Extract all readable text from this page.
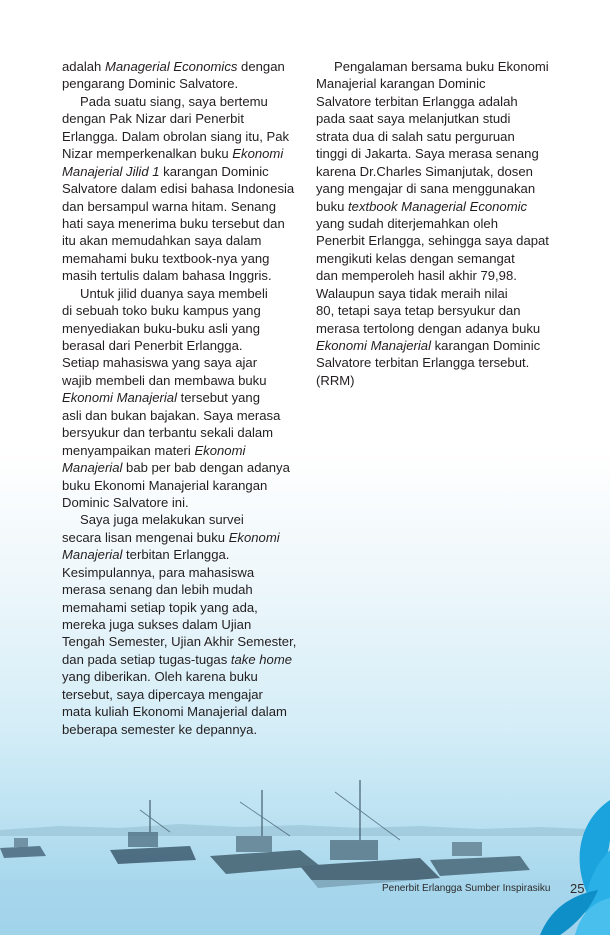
adalah Managerial Economics dengan
pengarang Dominic Salvatore.
Pada suatu siang, saya bertemu
dengan Pak Nizar dari Penerbit
Erlangga. Dalam obrolan siang itu, Pak
Nizar memperkenalkan buku Ekonomi
Manajerial Jilid 1 karangan Dominic
Salvatore dalam edisi bahasa Indonesia
dan bersampul warna hitam. Senang
hati saya menerima buku tersebut dan
itu akan memudahkan saya dalam
memahami buku textbook-nya yang
masih tertulis dalam bahasa Inggris.
Untuk jilid duanya saya membeli
di sebuah toko buku kampus yang
menyediakan buku-buku asli yang
berasal dari Penerbit Erlangga.
Setiap mahasiswa yang saya ajar
wajib membeli dan membawa buku
Ekonomi Manajerial tersebut yang
asli dan bukan bajakan. Saya merasa
bersyukur dan terbantu sekali dalam
menyampaikan materi Ekonomi
Manajerial bab per bab dengan adanya
buku Ekonomi Manajerial karangan
Dominic Salvatore ini.
Saya juga melakukan survei
secara lisan mengenai buku Ekonomi
Manajerial terbitan Erlangga.
Kesimpulannya, para mahasiswa
merasa senang dan lebih mudah
memahami setiap topik yang ada,
mereka juga sukses dalam Ujian
Tengah Semester, Ujian Akhir Semester,
dan pada setiap tugas-tugas take home
yang diberikan. Oleh karena buku
tersebut, saya dipercaya mengajar
mata kuliah Ekonomi Manajerial dalam
beberapa semester ke depannya.
Pengalaman bersama buku Ekonomi
Manajerial karangan Dominic
Salvatore terbitan Erlangga adalah
pada saat saya melanjutkan studi
strata dua di salah satu perguruan
tinggi di Jakarta. Saya merasa senang
karena Dr.Charles Simanjutak, dosen
yang mengajar di sana menggunakan
buku textbook Managerial Economic
yang sudah diterjemahkan oleh
Penerbit Erlangga, sehingga saya dapat
mengikuti kelas dengan semangat
dan memperoleh hasil akhir 79,98.
Walaupun saya tidak meraih nilai
80, tetapi saya tetap bersyukur dan
merasa tertolong dengan adanya buku
Ekonomi Manajerial karangan Dominic
Salvatore terbitan Erlangga tersebut.
(RRM)
Penerbit Erlangga Sumber Inspirasiku 25
